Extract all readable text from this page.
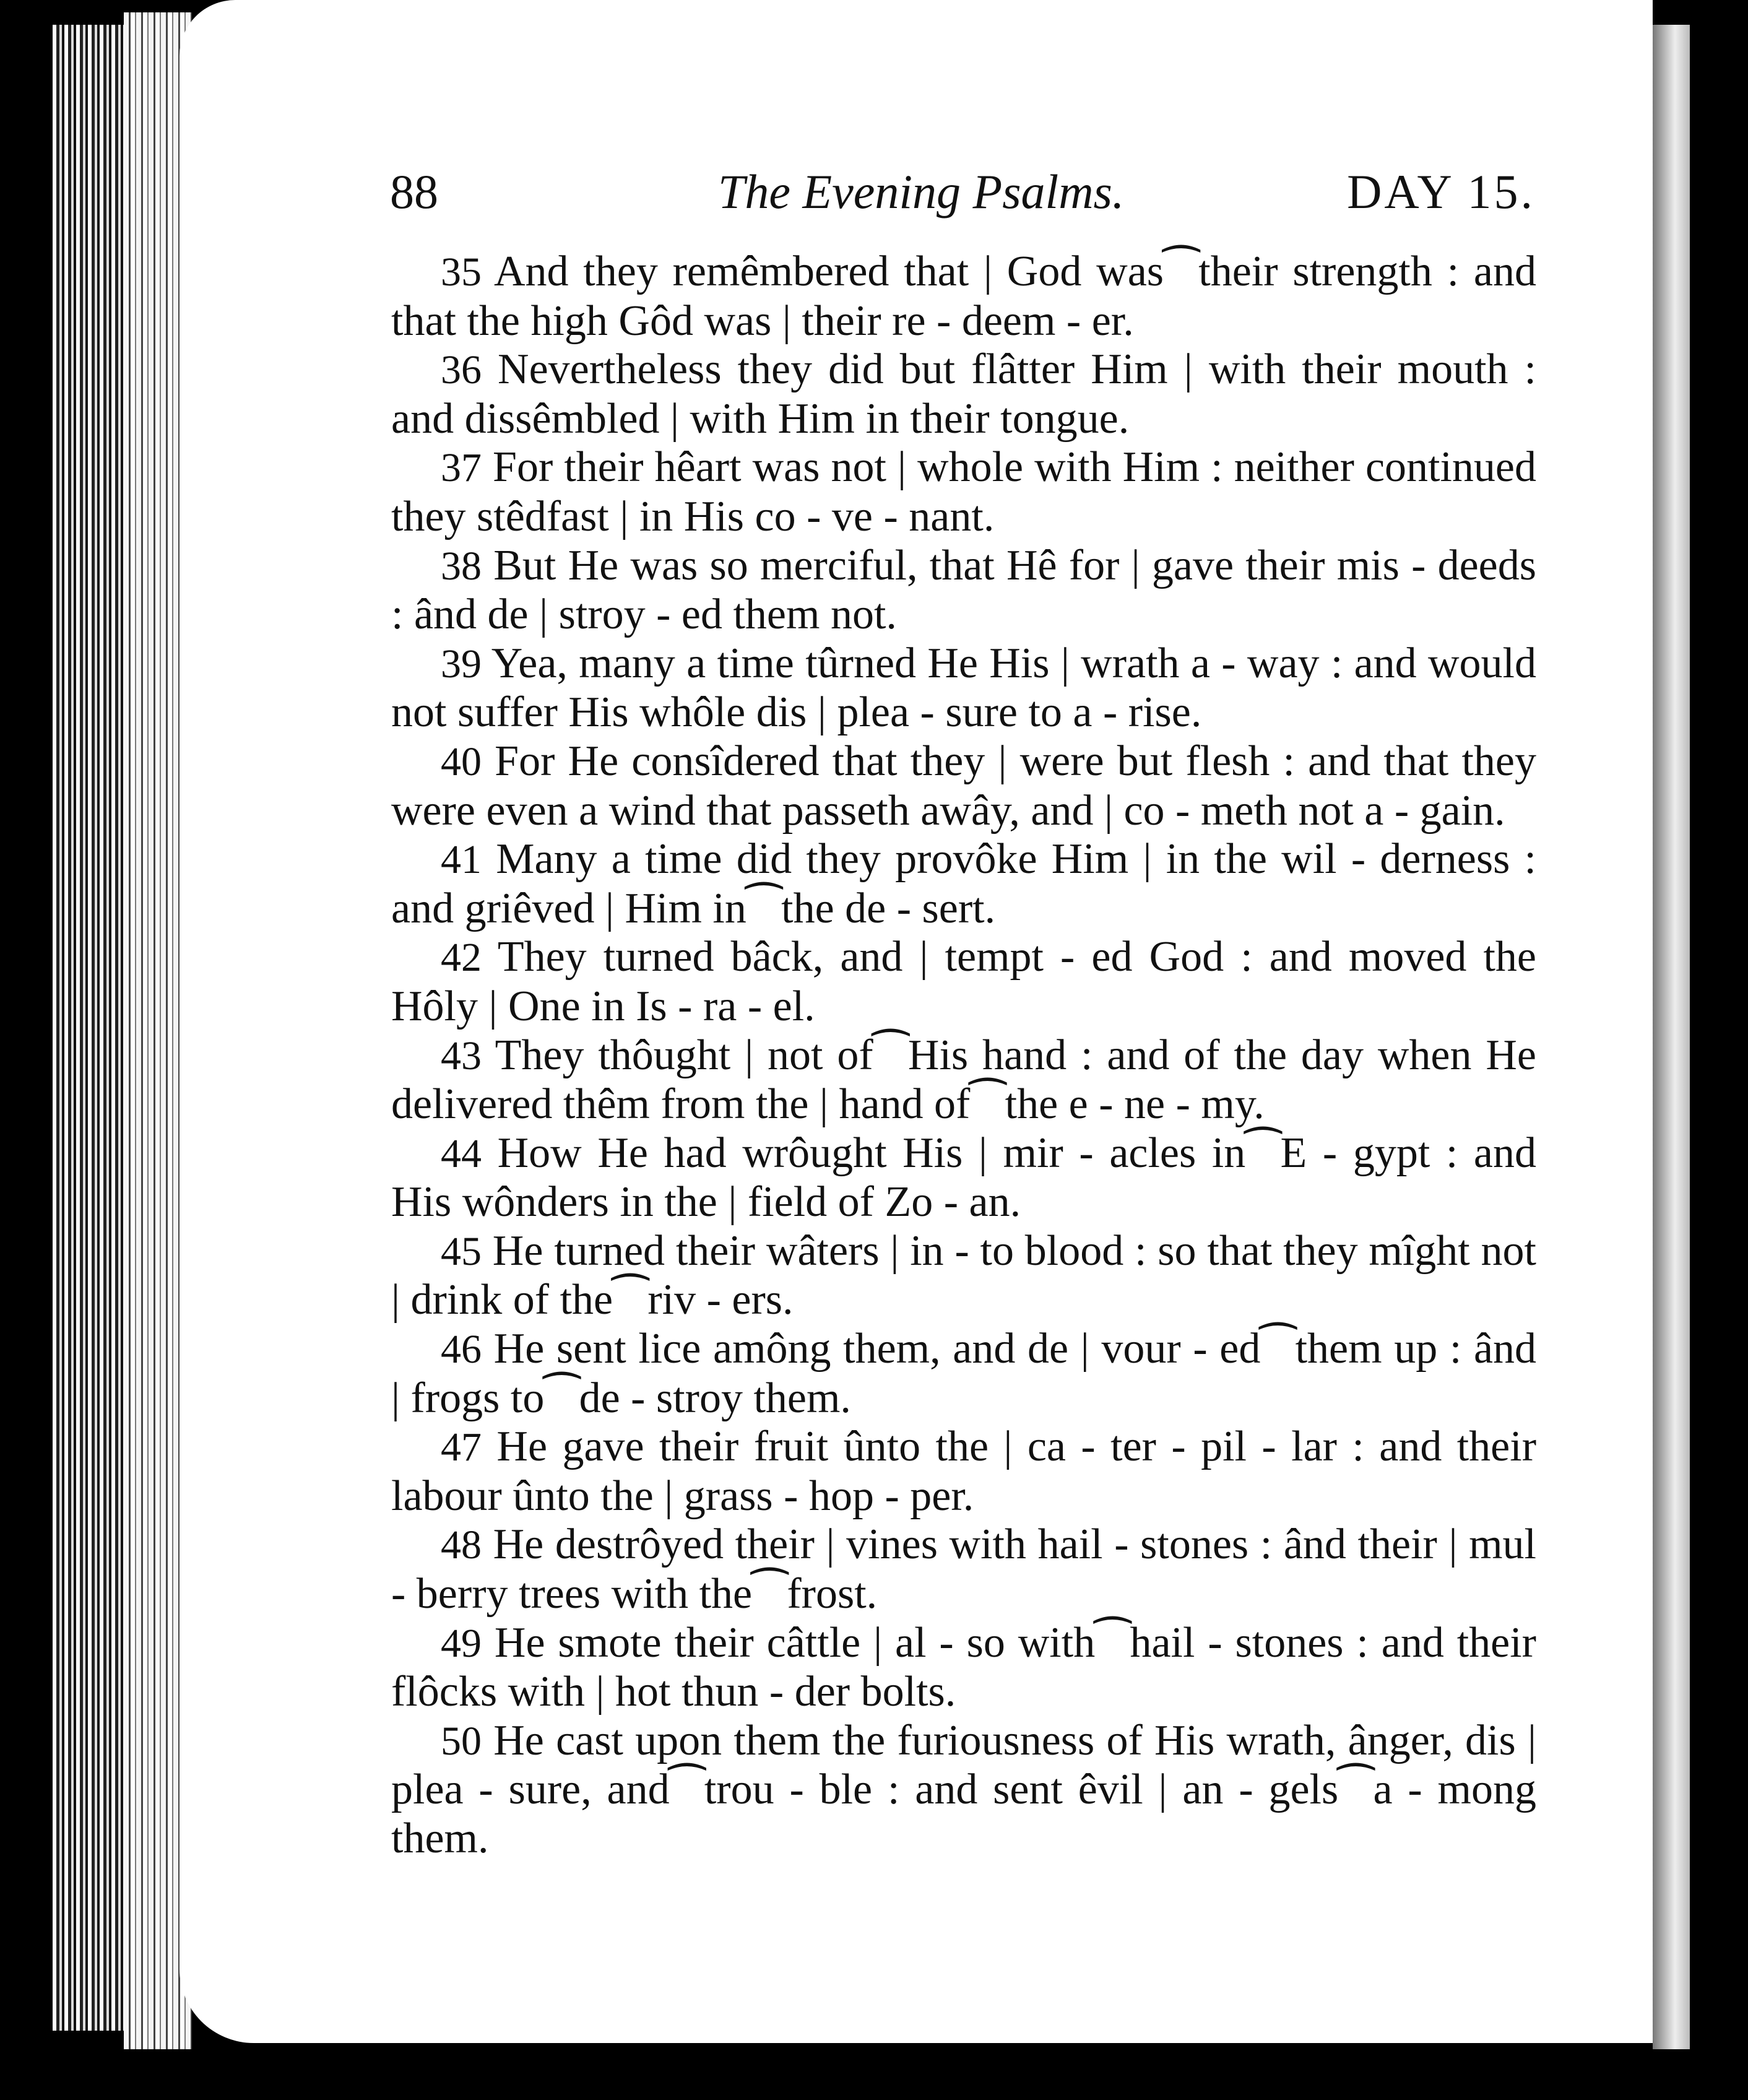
88	The Evening Psalms.	DAY 15.

35 And they remêmbered that | God was⁀their strength : and that the high Gôd was | their re - deem - er.

36 Nevertheless they did but flâtter Him | with their mouth : and dissêmbled | with Him in their tongue.

37 For their hêart was not | whole with Him : neither continued they stêdfast | in His co - ve - nant.

38 But He was so merciful, that Hê for | gave their mis - deeds : ând de | stroy - ed them not.

39 Yea, many a time tûrned He His | wrath a - way : and would not suffer His whôle dis | plea - sure to a - rise.

40 For He consîdered that they | were but flesh : and that they were even a wind that passeth awây, and | co - meth not a - gain.

41 Many a time did they provôke Him | in the wil - derness : and griêved | Him in⁀the de - sert.

42 They turned bâck, and | tempt - ed God : and moved the Hôly | One in Is - ra - el.

43 They thôught | not of⁀His hand : and of the day when He delivered thêm from the | hand of⁀the e - ne - my.

44 How He had wrôught His | mir - acles in⁀E - gypt : and His wônders in the | field of Zo - an.

45 He turned their wâters | in - to blood : so that they mîght not | drink of the⁀riv - ers.

46 He sent lice amông them, and de | vour - ed⁀them up : ând | frogs to⁀de - stroy them.

47 He gave their fruit ûnto the | ca - ter - pil - lar : and their labour ûnto the | grass - hop - per.

48 He destrôyed their | vines with hail - stones : ând their | mul - berry trees with the⁀frost.

49 He smote their câttle | al - so with⁀hail - stones : and their flôcks with | hot thun - der bolts.

50 He cast upon them the furiousness of His wrath, ânger, dis | plea - sure, and⁀trou - ble : and sent êvil | an - gels⁀a - mong them.
